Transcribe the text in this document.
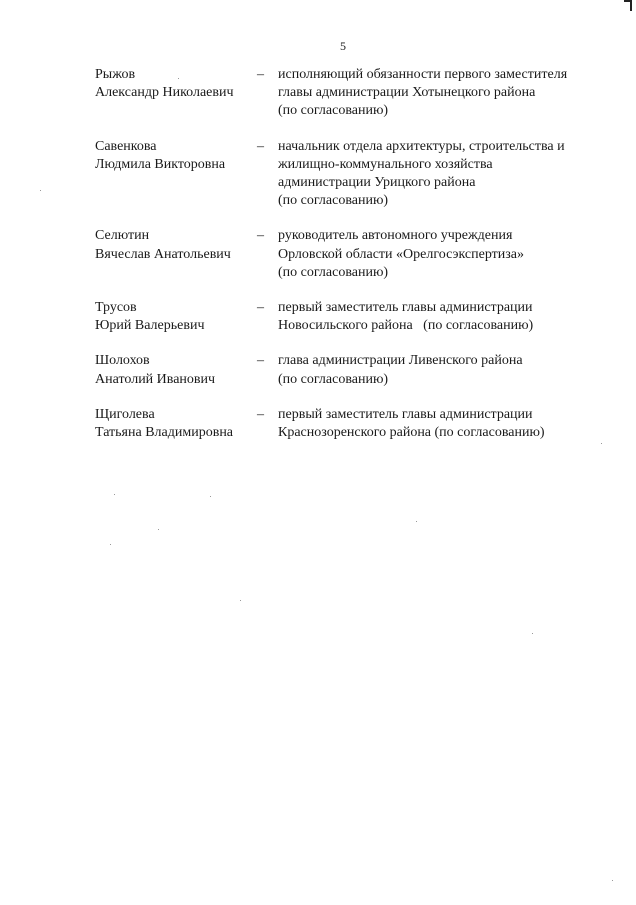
5
Рыжов
Александр Николаевич
–	исполняющий обязанности первого заместителя
главы администрации Хотынецкого района
(по согласованию)
Савенкова
Людмила Викторовна
–	начальник отдела архитектуры, строительства и
жилищно-коммунального хозяйства
администрации Урицкого района
(по согласованию)
Селютин
Вячеслав Анатольевич
–	руководитель автономного учреждения
Орловской области «Орелгосэкспертиза»
(по согласованию)
Трусов
Юрий Валерьевич
–	первый заместитель главы администрации
Новосильского района   (по согласованию)
Шолохов
Анатолий Иванович
–	глава администрации Ливенского района
(по согласованию)
Щиголева
Татьяна Владимировна
–	первый заместитель главы администрации
Краснозоренского района (по согласованию)
